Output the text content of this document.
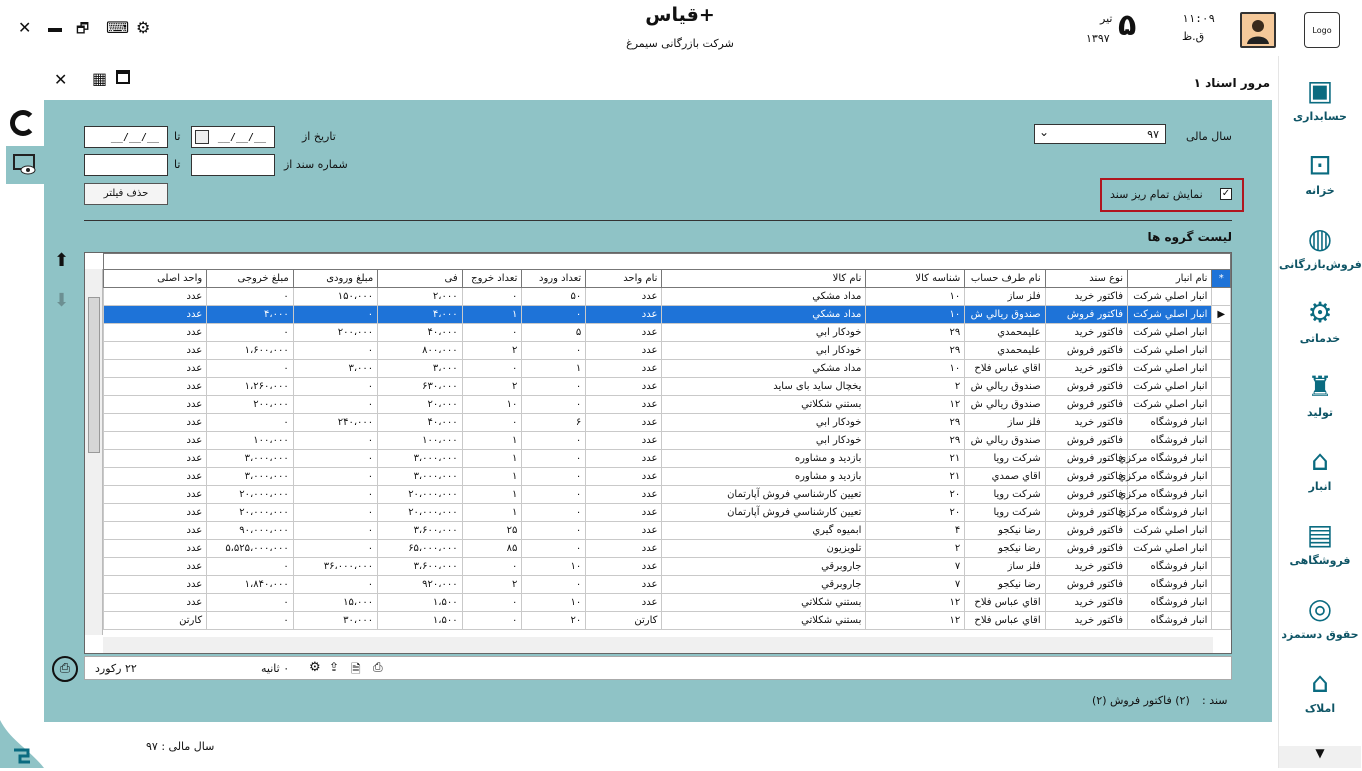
✕	🗗 ⌨ ⚙
قیاس+
شرکت بازرگانی سیمرغ
۱۱:۰۹
ق.ظ
۵
تیر
۱۳۹۷
Logo
✕ ▦	مرور اسناد ۱
__/__/__
تا
__/__/__	تاریخ از
تا	شماره سند از
حذف فیلتر
⌄	۹۷ سال مالی
نمایش تمام ریز سند ✓
لیست گروه ها
⬆
⬇
⎙
سند :
(۲) فاكتور فروش (۲)

*	نام انبار	نوع سند	نام طرف حساب	شناسه کالا	نام کالا	نام واحد	تعداد ورود	تعداد خروج	فی	مبلغ ورودی	مبلغ خروجی	واحد اصلی
	انبار اصلي شركت	فاكتور خريد	فلز ساز	۱۰	مداد مشكي	عدد	۵۰	۰	۲،۰۰۰	۱۵۰،۰۰۰	۰	عدد
▶	انبار اصلي شركت	فاكتور فروش	صندوق ريالي ش	۱۰	مداد مشكي	عدد	۰	۱	۴،۰۰۰	۰	۴،۰۰۰	عدد
	انبار اصلي شركت	فاكتور خريد	عليمحمدي	۲۹	خودكار ابي	عدد	۵	۰	۴۰،۰۰۰	۲۰۰،۰۰۰	۰	عدد
	انبار اصلي شركت	فاكتور فروش	عليمحمدي	۲۹	خودكار ابي	عدد	۰	۲	۸۰۰،۰۰۰	۰	۱،۶۰۰،۰۰۰	عدد
	انبار اصلي شركت	فاكتور خريد	اقاي عباس فلاح	۱۰	مداد مشكي	عدد	۱	۰	۳،۰۰۰	۳،۰۰۰	۰	عدد
	انبار اصلي شركت	فاكتور فروش	صندوق ريالي ش	۲	يخچال ساید بای ساید	عدد	۰	۲	۶۳۰،۰۰۰	۰	۱،۲۶۰،۰۰۰	عدد
	انبار اصلي شركت	فاكتور فروش	صندوق ريالي ش	۱۲	بستني شكلاتي	عدد	۰	۱۰	۲۰،۰۰۰	۰	۲۰۰،۰۰۰	عدد
	انبار فروشگاه	فاكتور خريد	فلز ساز	۲۹	خودكار ابي	عدد	۶	۰	۴۰،۰۰۰	۲۴۰،۰۰۰	۰	عدد
	انبار فروشگاه	فاكتور فروش	صندوق ريالي ش	۲۹	خودكار ابي	عدد	۰	۱	۱۰۰،۰۰۰	۰	۱۰۰،۰۰۰	عدد
	انبار فروشگاه مركزي	فاكتور فروش	شركت رويا	۲۱	بازديد و مشاوره	عدد	۰	۱	۳،۰۰۰،۰۰۰	۰	۳،۰۰۰،۰۰۰	عدد
	انبار فروشگاه مركزي	فاكتور فروش	اقاي صمدي	۲۱	بازديد و مشاوره	عدد	۰	۱	۳،۰۰۰،۰۰۰	۰	۳،۰۰۰،۰۰۰	عدد
	انبار فروشگاه مركزي	فاكتور فروش	شركت رويا	۲۰	تعيين كارشناسي فروش آپارتمان	عدد	۰	۱	۲۰،۰۰۰،۰۰۰	۰	۲۰،۰۰۰،۰۰۰	عدد
	انبار فروشگاه مركزي	فاكتور فروش	شركت رويا	۲۰	تعيين كارشناسي فروش آپارتمان	عدد	۰	۱	۲۰،۰۰۰،۰۰۰	۰	۲۰،۰۰۰،۰۰۰	عدد
	انبار اصلي شركت	فاكتور فروش	رضا نيكجو	۴	ابميوه گيري	عدد	۰	۲۵	۳،۶۰۰،۰۰۰	۰	۹۰،۰۰۰،۰۰۰	عدد
	انبار اصلي شركت	فاكتور فروش	رضا نيكجو	۲	تلويزيون	عدد	۰	۸۵	۶۵،۰۰۰،۰۰۰	۰	۵،۵۲۵،۰۰۰،۰۰۰	عدد
	انبار فروشگاه	فاكتور خريد	فلز ساز	۷	جاروبرقي	عدد	۱۰	۰	۳،۶۰۰،۰۰۰	۳۶،۰۰۰،۰۰۰	۰	عدد
	انبار فروشگاه	فاكتور فروش	رضا نيكجو	۷	جاروبرقي	عدد	۰	۲	۹۲۰،۰۰۰	۰	۱،۸۴۰،۰۰۰	عدد
	انبار فروشگاه	فاكتور خريد	اقاي عباس فلاح	۱۲	بستني شكلاتي	عدد	۱۰	۰	۱،۵۰۰	۱۵،۰۰۰	۰	عدد
	انبار فروشگاه	فاكتور خريد	اقاي عباس فلاح	۱۲	بستني شكلاتي	كارتن	۲۰	۰	۱،۵۰۰	۳۰،۰۰۰	۰	كارتن
۲۲ ركورد	۰ ثانیه ⚙ ⇪ 🗎 ⎙
سال مالی : ۹۷	▼
▣
حسابداری
⊡
خزانه
◍
فروش‌بازرگانی
⚙
خدماتی
♜
تولید
⌂
انبار
▤
فروشگاهی
◎
حقوق دستمزد
⌂
املاک
